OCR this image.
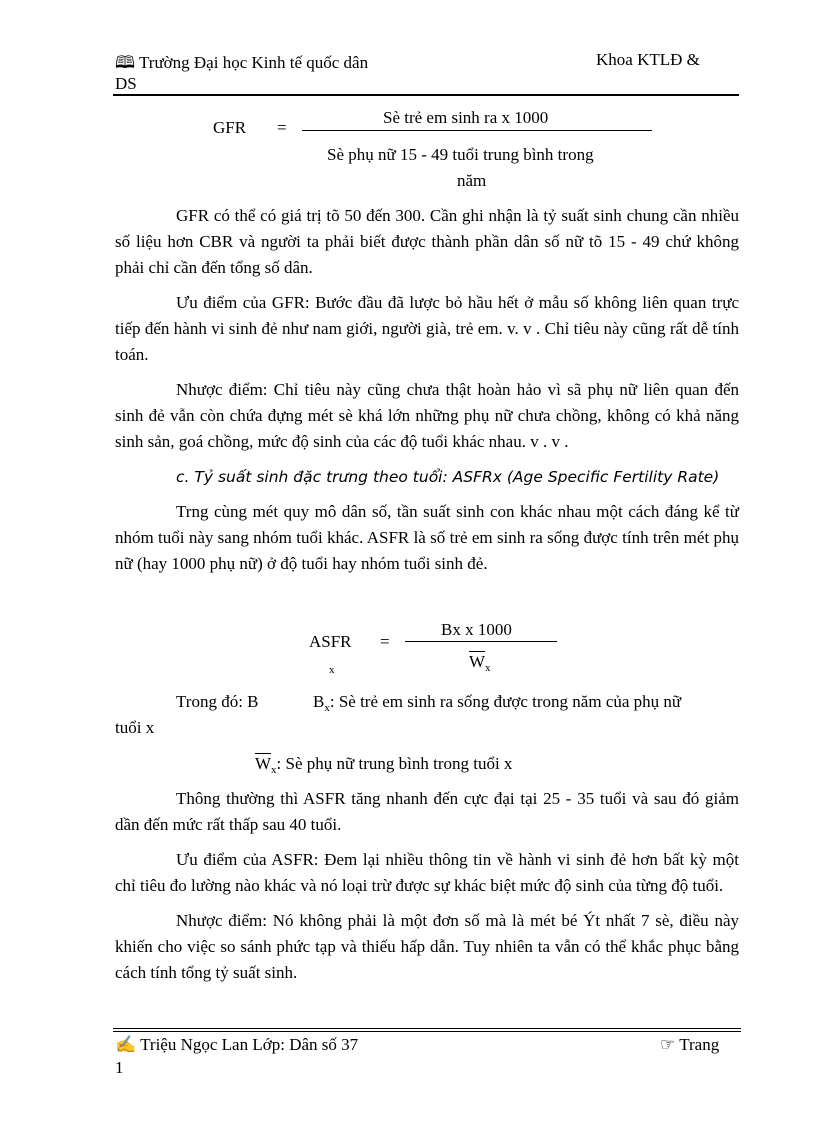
🕮 Trường Đại học Kinh tế quốc dân	Khoa KTLĐ &
DS
GFR =
Sè trẻ em sinh ra x 1000
Sè phụ nữ 15 - 49 tuổi trung bình trong
năm

GFR có thể có giá trị tõ 50 đến 300. Cần ghi nhận là tỷ suất sinh chung cần nhiều số liệu hơn CBR và người ta phải biết được thành phần dân số nữ tõ 15 - 49 chứ không phải chỉ cần đến tổng số dân.

Ưu điểm của GFR: Bước đầu đã lược bỏ hầu hết ở mẫu số không liên quan trực tiếp đến hành vi sinh đẻ như nam giới, người già, trẻ em. v. v . Chỉ tiêu này cũng rất dễ tính toán.

Nhược điểm: Chỉ tiêu này cũng chưa thật hoàn hảo vì sã phụ nữ liên quan đến sinh đẻ vẫn còn chứa đựng mét sè khá lớn những phụ nữ chưa chồng, không có khả năng sinh sản, goá chồng, mức độ sinh của các độ tuổi khác nhau. v . v .

c. Tỷ suất sinh đặc trưng theo tuổi: ASFRx (Age Specific Fertility Rate)

Trng cùng mét quy mô dân số, tần suất sinh con khác nhau một cách đáng kể từ nhóm tuổi này sang nhóm tuổi khác. ASFR là số trẻ em sinh ra sống được tính trên mét phụ nữ (hay 1000 phụ nữ) ở độ tuổi hay nhóm tuổi sinh đẻ.

ASFR
x
=
Bx x 1000
$W_x$
Trong đó: B	$B_x$: Sè trẻ em sinh ra sống được trong năm của phụ nữ
tuổi x
$W_x$: Sè phụ nữ trung bình trong tuổi x

Thông thường thì ASFR tăng nhanh đến cực đại tại 25 - 35 tuổi và sau đó giảm dần đến mức rất thấp sau 40 tuổi.

Ưu điểm của ASFR: Đem lại nhiều thông tin về hành vi sinh đẻ hơn bất kỳ một chỉ tiêu đo lường nào khác và nó loại trừ được sự khác biệt mức độ sinh của từng độ tuổi.

Nhược điểm: Nó không phải là một đơn số mà là mét bé Ýt nhất 7 sè, điều này khiến cho việc so sánh phức tạp và thiếu hấp dẫn. Tuy nhiên ta vẫn có thể khắc phục bằng cách tính tổng tỷ suất sinh.

✍ Triệu Ngọc Lan Lớp: Dân số 37	☞ Trang
1
